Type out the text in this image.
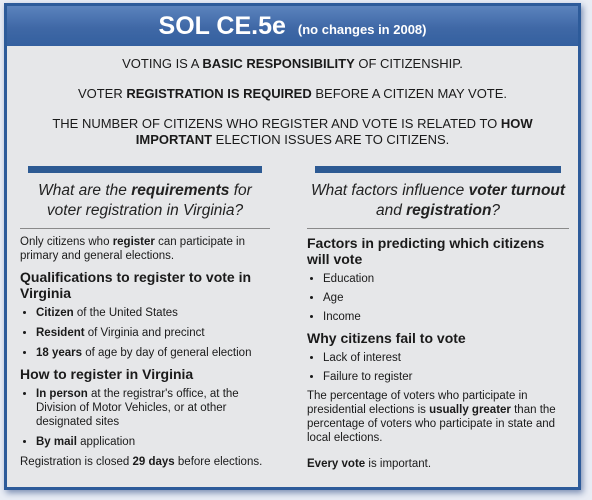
SOL CE.5e (no changes in 2008)

VOTING IS A BASIC RESPONSIBILITY OF CITIZENSHIP.

VOTER REGISTRATION IS REQUIRED BEFORE A CITIZEN MAY VOTE.

THE NUMBER OF CITIZENS WHO REGISTER AND VOTE IS RELATED TO HOW IMPORTANT ELECTION ISSUES ARE TO CITIZENS.

What are the requirements for voter registration in Virginia?

Only citizens who register can participate in primary and general elections.

Qualifications to register to vote in Virginia
• Citizen of the United States
• Resident of Virginia and precinct
• 18 years of age by day of general election
How to register in Virginia
• In person at the registrar's office, at the Division of Motor Vehicles, or at other designated sites
• By mail application

Registration is closed 29 days before elections.

What factors influence voter turnout and registration?
Factors in predicting which citizens will vote
• Education
• Age
• Income
Why citizens fail to vote
• Lack of interest
• Failure to register

The percentage of voters who participate in presidential elections is usually greater than the percentage of voters who participate in state and local elections.

Every vote is important.
